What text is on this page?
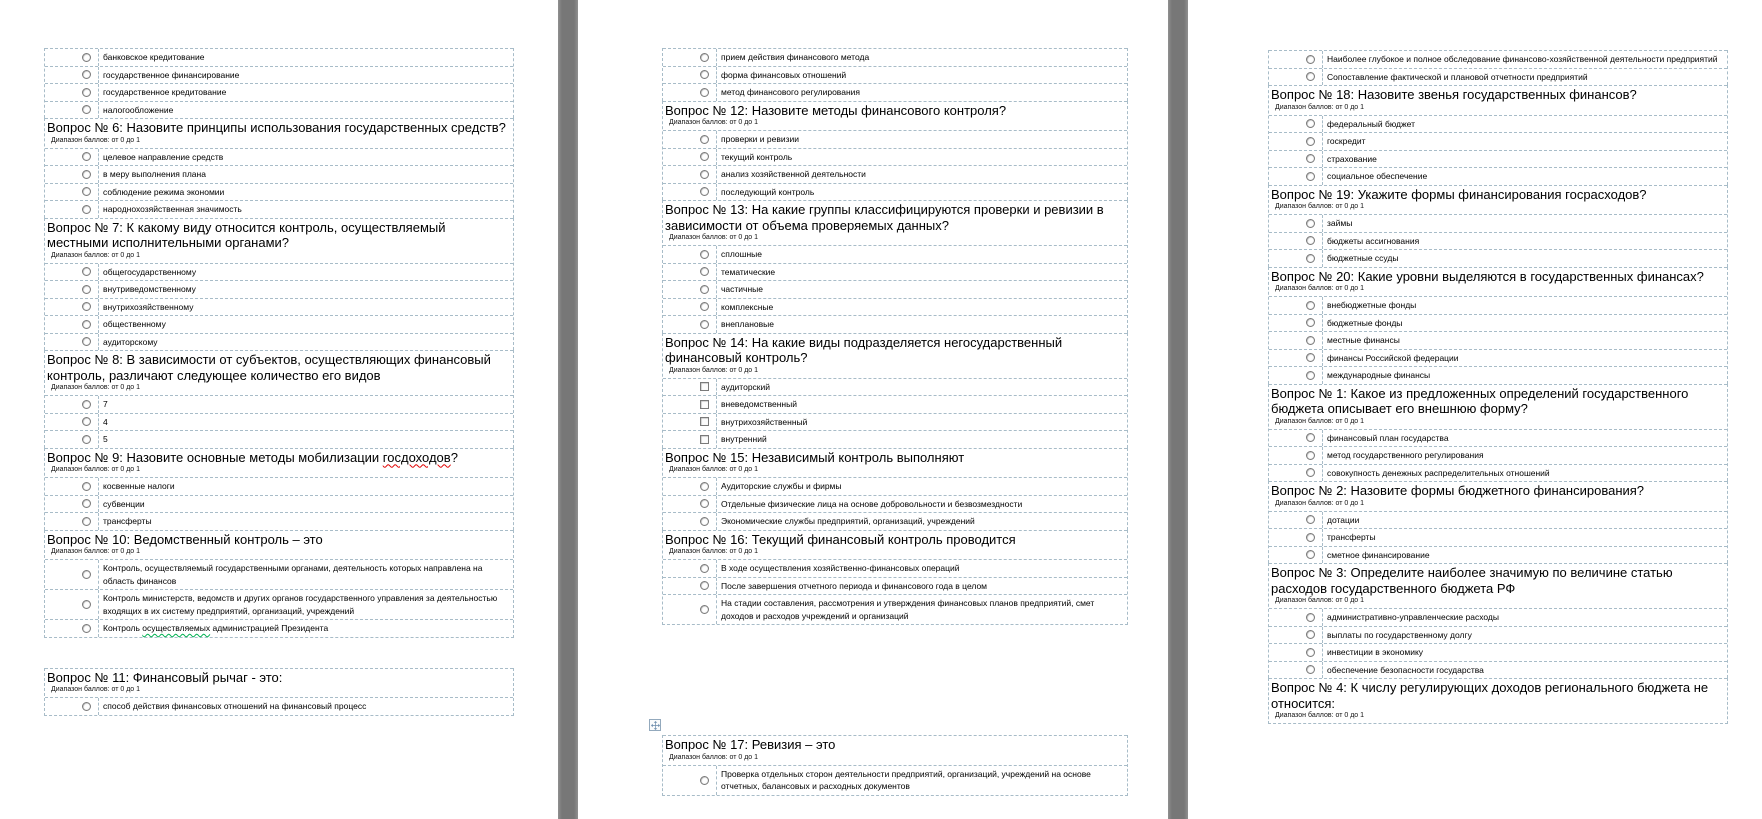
банковское кредитование
государственное финансирование
государственное кредитование
налогообложение
Вопрос № 6: Назовите принципы использования государственных средств?
Диапазон баллов: от 0 до 1
целевое направление средств
в меру выполнения плана
соблюдение режима экономии
народнохозяйственная значимость
Вопрос № 7: К какому виду относится контроль, осуществляемый местными исполнительными органами?
Диапазон баллов: от 0 до 1
общегосударственному
внутриведомственному
внутрихозяйственному
общественному
аудиторскому
Вопрос № 8: В зависимости от субъектов, осуществляющих финансовый контроль, различают следующее количество его видов
Диапазон баллов: от 0 до 1
7
4
5
Вопрос № 9: Назовите основные методы мобилизации госдоходов?
Диапазон баллов: от 0 до 1
косвенные налоги
субвенции
трансферты
Вопрос № 10: Ведомственный контроль – это
Диапазон баллов: от 0 до 1
Контроль, осуществляемый государственными органами, деятельность которых направлена на область финансов
Контроль министерств, ведомств и других органов государственного управления за деятельностью входящих в их систему предприятий, организаций, учреждений
Контроль осуществляемых администрацией Президента
Вопрос № 11: Финансовый рычаг - это:
Диапазон баллов: от 0 до 1
способ действия финансовых отношений на финансовый процесс
прием действия финансового метода
форма финансовых отношений
метод финансового регулирования
Вопрос № 12: Назовите методы финансового контроля?
Диапазон баллов: от 0 до 1
проверки и ревизии
текущий контроль
анализ хозяйственной деятельности
последующий контроль
Вопрос № 13: На какие группы классифицируются проверки и ревизии в зависимости от объема проверяемых данных?
Диапазон баллов: от 0 до 1
сплошные
тематические
частичные
комплексные
внеплановые
Вопрос № 14: На какие виды подразделяется негосударственный финансовый контроль?
Диапазон баллов: от 0 до 1
аудиторский
вневедомственный
внутрихозяйственный
внутренний
Вопрос № 15: Независимый контроль выполняют
Диапазон баллов: от 0 до 1
Аудиторские службы и фирмы
Отдельные физические лица на основе добровольности и безвозмездности
Экономические службы предприятий, организаций, учреждений
Вопрос № 16: Текущий финансовый контроль проводится
Диапазон баллов: от 0 до 1
В ходе осуществления хозяйственно-финансовых операций
После завершения отчетного периода и финансового года в целом
На стадии составления, рассмотрения и утверждения финансовых планов предприятий, смет доходов и расходов учреждений и организаций
Вопрос № 17: Ревизия – это
Диапазон баллов: от 0 до 1
Проверка отдельных сторон деятельности предприятий, организаций, учреждений на основе отчетных, балансовых и расходных документов
Наиболее глубокое и полное обследование финансово-хозяйственной деятельности предприятий
Сопоставление фактической и плановой отчетности предприятий
Вопрос № 18: Назовите звенья государственных финансов?
Диапазон баллов: от 0 до 1
федеральный бюджет
госкредит
страхование
социальное обеспечение
Вопрос № 19: Укажите формы финансирования госрасходов?
Диапазон баллов: от 0 до 1
займы
бюджеты ассигнования
бюджетные ссуды
Вопрос № 20: Какие уровни выделяются в государственных финансах?
Диапазон баллов: от 0 до 1
внебюджетные фонды
бюджетные фонды
местные финансы
финансы Российской федерации
международные финансы
Вопрос № 1: Какое из предложенных определений государственного бюджета описывает его внешнюю форму?
Диапазон баллов: от 0 до 1
финансовый план государства
метод государственного регулирования
совокупность денежных распределительных отношений
Вопрос № 2: Назовите формы бюджетного финансирования?
Диапазон баллов: от 0 до 1
дотации
трансферты
сметное финансирование
Вопрос № 3: Определите наиболее значимую по величине статью расходов государственного бюджета РФ
Диапазон баллов: от 0 до 1
административно-управленческие расходы
выплаты по государственному долгу
инвестиции в экономику
обеспечение безопасности государства
Вопрос № 4: К числу регулирующих доходов регионального бюджета не относится:
Диапазон баллов: от 0 до 1
